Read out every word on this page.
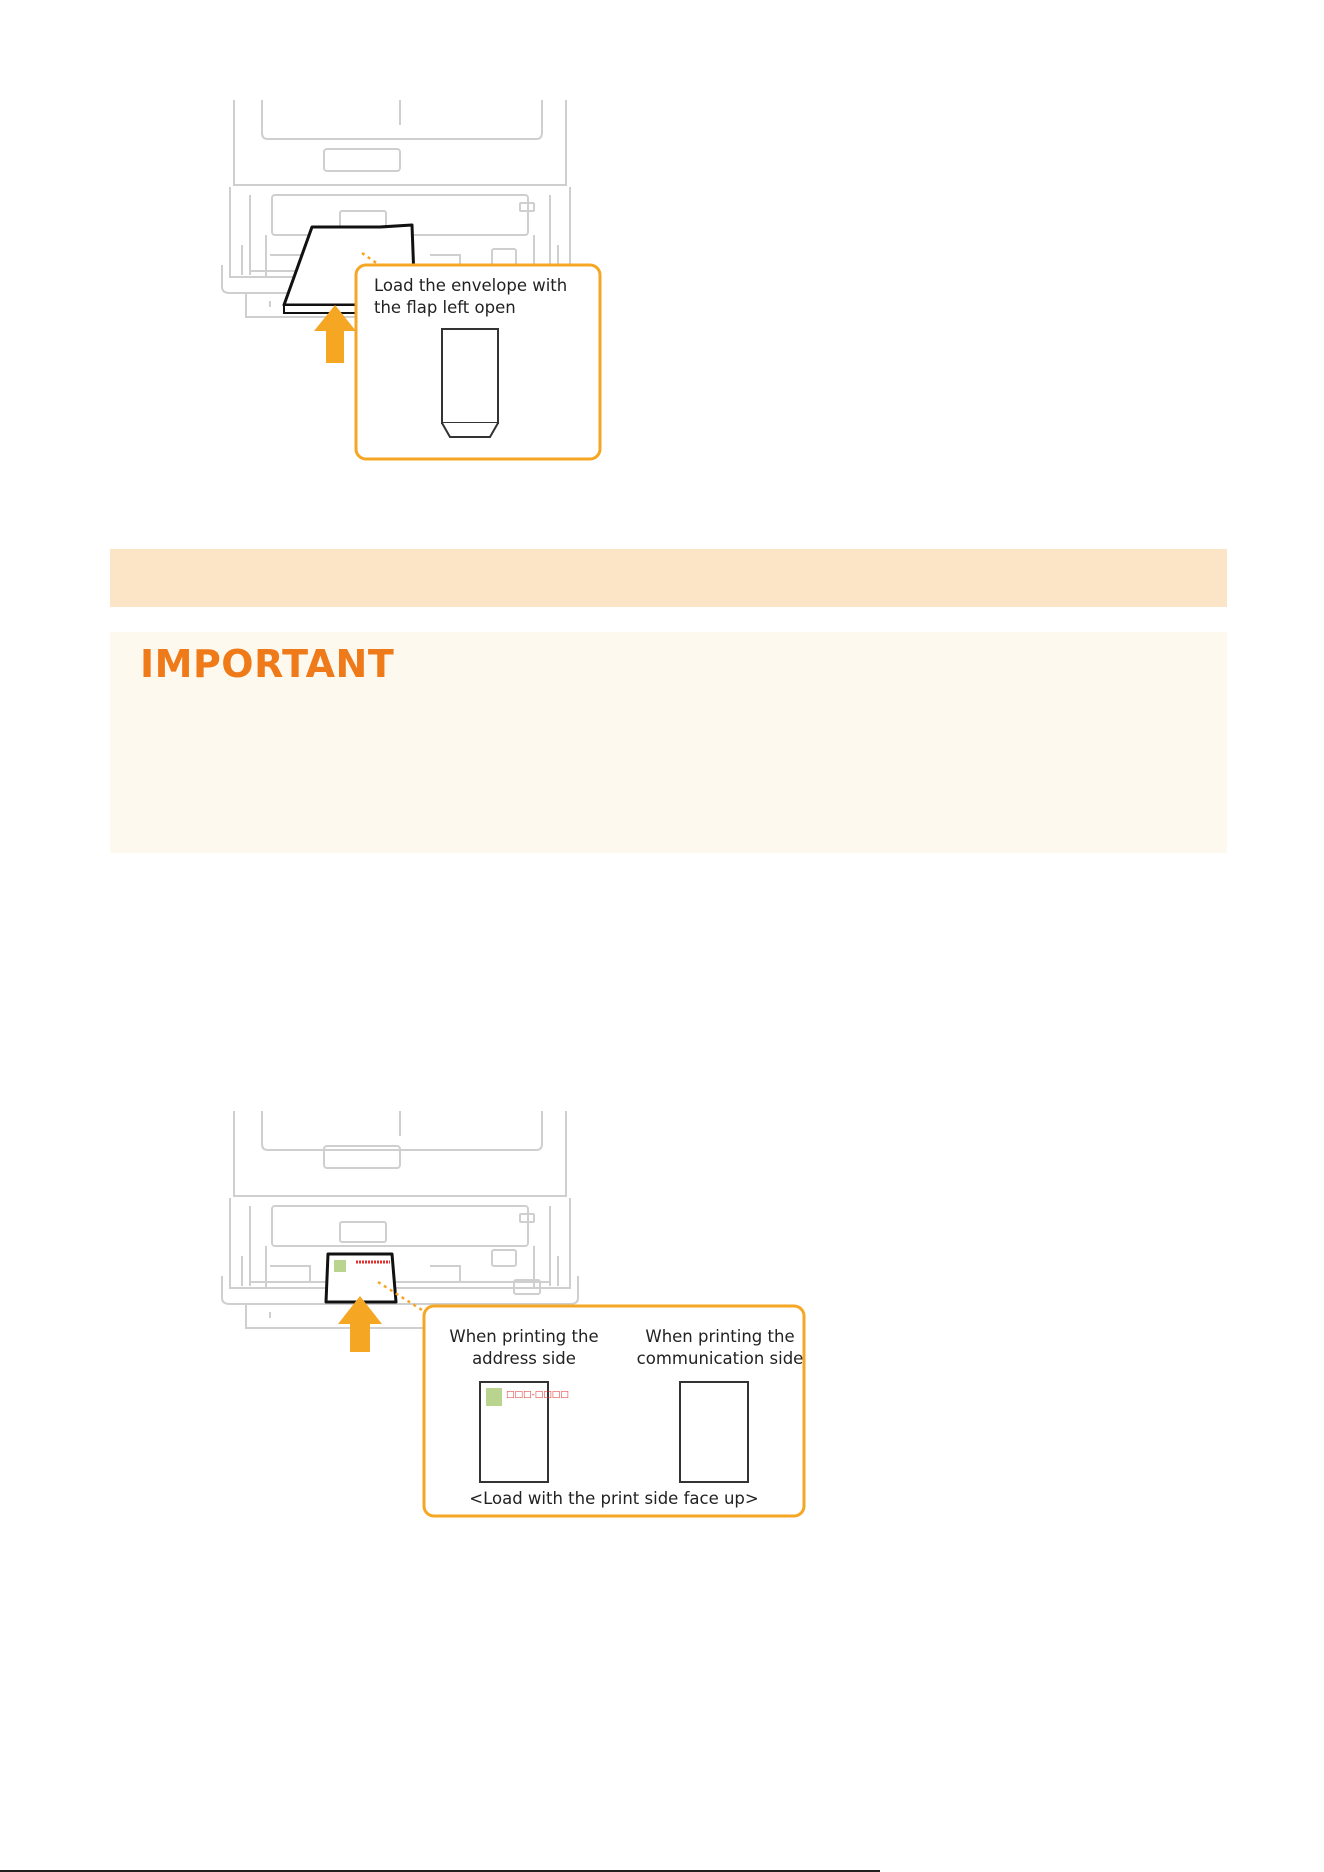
Load the envelope with
the flap left open
IMPORTANT
When printing the
address side
When printing the
communication side
□□□-□□□□
<Load with the print side face up>
